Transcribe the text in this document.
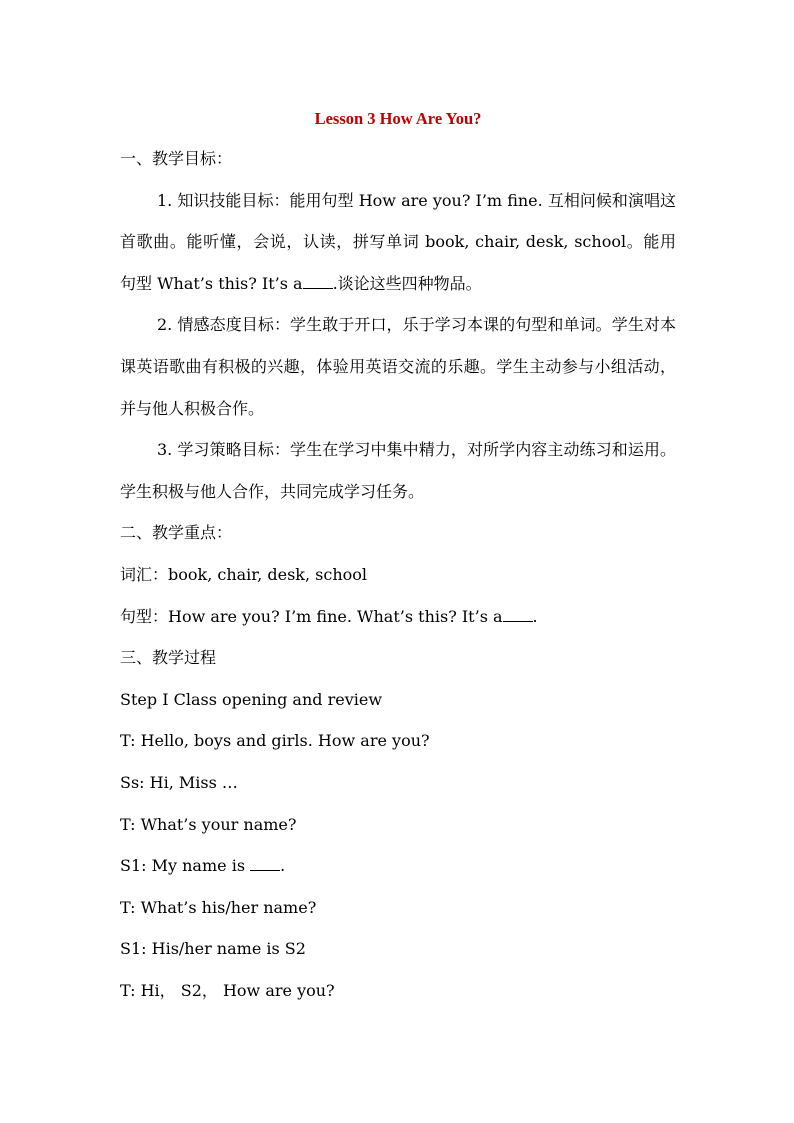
Lesson 3 How Are You?

一、教学目标：

1. 知识技能目标：能用句型 How are you? I’m fine. 互相问候和演唱这首歌曲。能听懂，会说，认读，拼写单词 book, chair, desk, school。能用句型 What’s this? It’s a .谈论这些四种物品。

2. 情感态度目标：学生敢于开口，乐于学习本课的句型和单词。学生对本课英语歌曲有积极的兴趣，体验用英语交流的乐趣。学生主动参与小组活动，并与他人积极合作。

3. 学习策略目标：学生在学习中集中精力，对所学内容主动练习和运用。学生积极与他人合作，共同完成学习任务。

二、教学重点：

词汇：book, chair, desk, school

句型：How are you? I’m fine. What’s this? It’s a .

三、教学过程

Step I Class opening and review

T: Hello, boys and girls. How are you?

Ss: Hi, Miss …

T: What’s your name?

S1: My name is .

T: What’s his/her name?

S1: His/her name is S2

T: Hi， S2， How are you?
